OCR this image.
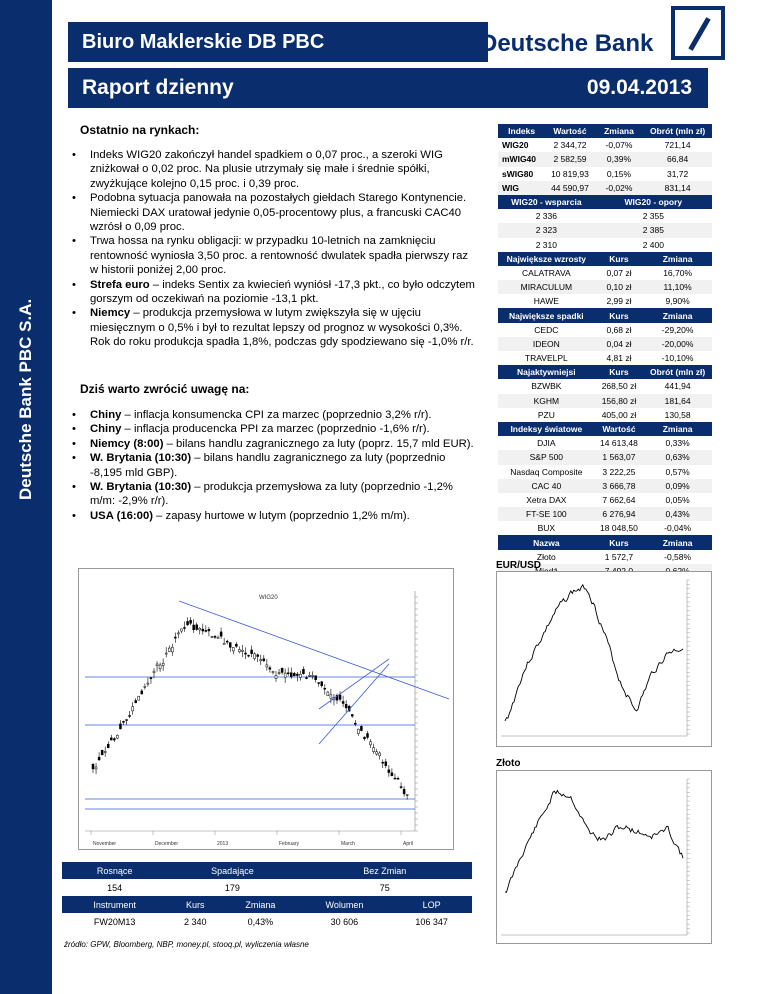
Deutsche Bank PBC S.A.
Biuro Maklerskie DB PBC	Deutsche Bank
Raport dzienny	09.04.2013
Ostatnio na rynkach:
• Indeks WIG20 zakończył handel spadkiem o 0,07 proc., a szeroki WIG zniżkował o 0,02 proc. Na plusie utrzymały się małe i średnie spółki, zwyżkujące kolejno 0,15 proc. i 0,39 proc.
• Podobna sytuacja panowała na pozostałych giełdach Starego Kontynencie. Niemiecki DAX uratował jedynie 0,05-procentowy plus, a francuski CAC40 wzrósł o 0,09 proc.
• Trwa hossa na rynku obligacji: w przypadku 10-letnich na zamknięciu rentowność wyniosła 3,50 proc. a rentowność dwulatek spadła pierwszy raz w historii poniżej 2,00 proc.
• Strefa euro – indeks Sentix za kwiecień wyniósł -17,3 pkt., co było odczytem gorszym od oczekiwań na poziomie -13,1 pkt.
• Niemcy – produkcja przemysłowa w lutym zwiększyła się w ujęciu miesięcznym o 0,5% i był to rezultat lepszy od prognoz w wysokości 0,3%. Rok do roku produkcja spadła 1,8%, podczas gdy spodziewano się -1,0% r/r.
Dziś warto zwrócić uwagę na:
• Chiny – inflacja konsumencka CPI za marzec (poprzednio 3,2% r/r).
• Chiny – inflacja producencka PPI za marzec (poprzednio -1,6% r/r).
• Niemcy (8:00) – bilans handlu zagranicznego za luty (poprz. 15,7 mld EUR).
• W. Brytania (10:30) – bilans handlu zagranicznego za luty (poprzednio -8,195 mld GBP).
• W. Brytania (10:30) – produkcja przemysłowa za luty (poprzednio -1,2% m/m: -2,9% r/r).
• USA (16:00) – zapasy hurtowe w lutym (poprzednio 1,2% m/m).
Indeks	Wartość	Zmiana	Obrót (mln zł)
WIG20	2 344,72	-0,07%	721,14
mWIG40	2 582,59	0,39%	66,84
sWIG80	10 819,93	0,15%	31,72
WIG	44 590,97	-0,02%	831,14
WIG20 - wsparcia		WIG20 - opory	
2 336		2 355	
2 323		2 385	
2 310		2 400	
Największe wzrosty		Kurs	Zmiana
CALATRAVA		0,07 zł	16,70%
MIRACULUM		0,10 zł	11,10%
HAWE		2,99 zł	9,90%
Największe spadki		Kurs	Zmiana
CEDC		0,68 zł	-29,20%
IDEON		0,04 zł	-20,00%
TRAVELPL		4,81 zł	-10,10%
Najaktywniejsi		Kurs	Obrót (mln zł)
BZWBK		268,50 zł	441,94
KGHM		156,80 zł	181,64
PZU		405,00 zł	130,58
Indeksy światowe		Wartość	Zmiana
DJIA		14 613,48	0,33%
S&P 500		1 563,07	0,63%
Nasdaq Composite		3 222,25	0,57%
CAC 40		3 666,78	0,09%
Xetra DAX		7 662,64	0,05%
FT-SE 100		6 276,94	0,43%
BUX		18 048,50	-0,04%
Nazwa		Kurs	Zmiana
Złoto		1 572,7	-0,58%

WIG20
November	December	2013	February	March	April
EUR/USD
Złoto
Rosnące	Spadające		Bez Zmian	
154	179		75	
Instrument	Kurs	Zmiana	Wolumen	LOP
FW20M13	2 340	0,43%	30 606	106 347
źródło: GPW, Bloomberg, NBP, money.pl, stooq.pl, wyliczenia własne
